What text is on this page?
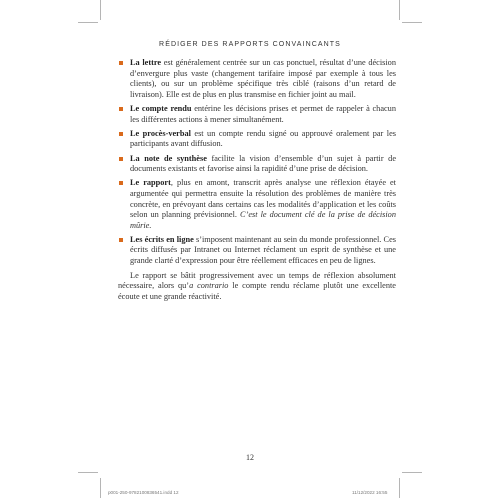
RÉDIGER DES RAPPORTS CONVAINCANTS
La lettre est généralement centrée sur un cas ponctuel, résultat d’une décision d’envergure plus vaste (changement tarifaire imposé par exemple à tous les clients), ou sur un problème spécifique très ciblé (raisons d’un retard de livraison). Elle est de plus en plus transmise en fichier joint au mail.
Le compte rendu entérine les décisions prises et permet de rappeler à chacun les différentes actions à mener simultanément.
Le procès-verbal est un compte rendu signé ou approuvé oralement par les participants avant diffusion.
La note de synthèse facilite la vision d’ensemble d’un sujet à partir de documents existants et favorise ainsi la rapidité d’une prise de décision.
Le rapport, plus en amont, transcrit après analyse une réflexion étayée et argumentée qui permettra ensuite la résolution des problèmes de manière très concrète, en prévoyant dans certains cas les modalités d’application et les coûts selon un planning prévisionnel. C’est le document clé de la prise de décision mûrie.
Les écrits en ligne s’imposent maintenant au sein du monde professionnel. Ces écrits diffusés par Intranet ou Internet réclament un esprit de synthèse et une grande clarté d’expression pour être réellement efficaces en peu de lignes.

Le rapport se bâtit progressivement avec un temps de réflexion absolument nécessaire, alors qu’a contrario le compte rendu réclame plutôt une excellente écoute et une grande réactivité.

12
p001-250-9782100836541.indd 12	11/12/2022 16:55
